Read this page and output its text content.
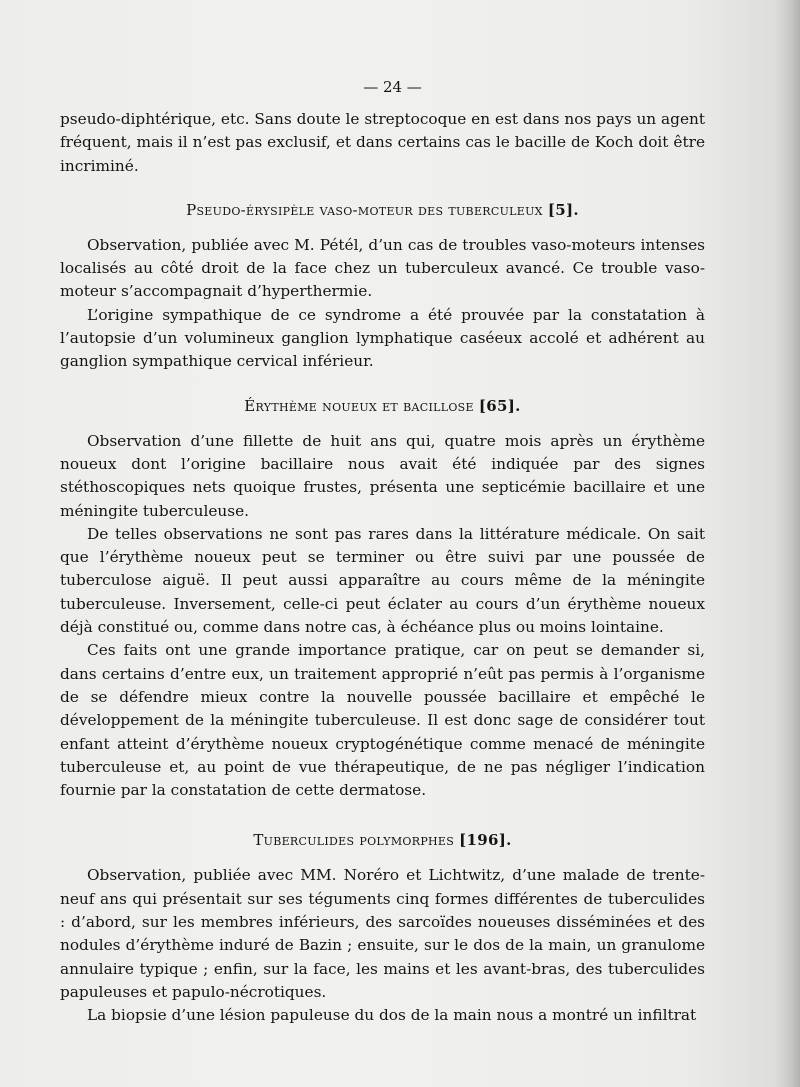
— 24 —

pseudo-diphtérique, etc. Sans doute le streptocoque en est dans nos pays un agent fréquent, mais il n’est pas exclusif, et dans certains cas le bacille de Koch doit être incriminé.

Pseudo-érysipèle vaso-moteur des tuberculeux [5].

Observation, publiée avec M. Pétél, d’un cas de troubles vaso-moteurs intenses localisés au côté droit de la face chez un tuberculeux avancé. Ce trouble vaso-moteur s’accompagnait d’hyperthermie.

L’origine sympathique de ce syndrome a été prouvée par la constatation à l’autopsie d’un volumineux ganglion lymphatique caséeux accolé et adhérent au ganglion sympathique cervical inférieur.

Érythème noueux et bacillose [65].

Observation d’une fillette de huit ans qui, quatre mois après un érythème noueux dont l’origine bacillaire nous avait été indiquée par des signes stéthoscopiques nets quoique frustes, présenta une septicémie bacillaire et une méningite tuberculeuse.

De telles observations ne sont pas rares dans la littérature médicale. On sait que l’érythème noueux peut se terminer ou être suivi par une poussée de tuberculose aiguë. Il peut aussi apparaître au cours même de la méningite tuberculeuse. Inversement, celle-ci peut éclater au cours d’un érythème noueux déjà constitué ou, comme dans notre cas, à échéance plus ou moins lointaine.

Ces faits ont une grande importance pratique, car on peut se demander si, dans certains d’entre eux, un traitement approprié n’eût pas permis à l’organisme de se défendre mieux contre la nouvelle poussée bacillaire et empêché le développement de la méningite tuberculeuse. Il est donc sage de considérer tout enfant atteint d’érythème noueux cryptogénétique comme menacé de méningite tuberculeuse et, au point de vue thérapeutique, de ne pas négliger l’indication fournie par la constatation de cette dermatose.

Tuberculides polymorphes [196].

Observation, publiée avec MM. Noréro et Lichtwitz, d’une malade de trente-neuf ans qui présentait sur ses téguments cinq formes différentes de tuberculides : d’abord, sur les membres inférieurs, des sarcoïdes noueuses disséminées et des nodules d’érythème induré de Bazin ; ensuite, sur le dos de la main, un granulome annulaire typique ; enfin, sur la face, les mains et les avant-bras, des tuberculides papuleuses et papulo-nécrotiques.

La biopsie d’une lésion papuleuse du dos de la main nous a montré un infiltrat
